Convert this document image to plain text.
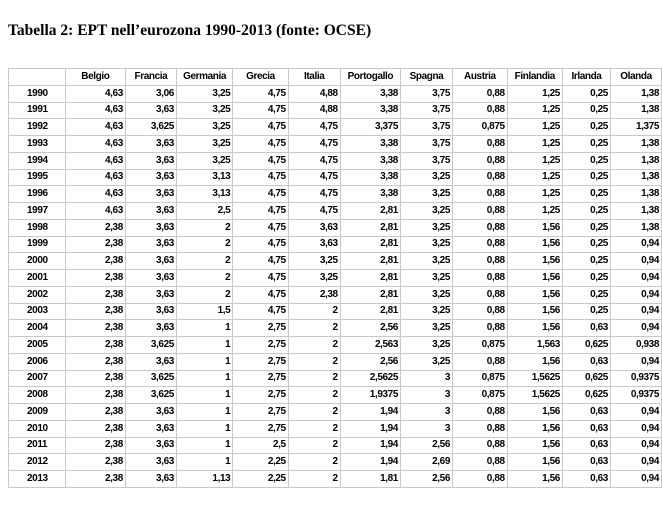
Tabella 2: EPT nell’eurozona 1990-2013 (fonte: OCSE)
	Belgio	Francia	Germania	Grecia	Italia	Portogallo	Spagna	Austria	Finlandia	Irlanda	Olanda
1990	4,63	3,06	3,25	4,75	4,88	3,38	3,75	0,88	1,25	0,25	1,38
1991	4,63	3,63	3,25	4,75	4,88	3,38	3,75	0,88	1,25	0,25	1,38
1992	4,63	3,625	3,25	4,75	4,75	3,375	3,75	0,875	1,25	0,25	1,375
1993	4,63	3,63	3,25	4,75	4,75	3,38	3,75	0,88	1,25	0,25	1,38
1994	4,63	3,63	3,25	4,75	4,75	3,38	3,75	0,88	1,25	0,25	1,38
1995	4,63	3,63	3,13	4,75	4,75	3,38	3,25	0,88	1,25	0,25	1,38
1996	4,63	3,63	3,13	4,75	4,75	3,38	3,25	0,88	1,25	0,25	1,38
1997	4,63	3,63	2,5	4,75	4,75	2,81	3,25	0,88	1,25	0,25	1,38
1998	2,38	3,63	2	4,75	3,63	2,81	3,25	0,88	1,56	0,25	1,38
1999	2,38	3,63	2	4,75	3,63	2,81	3,25	0,88	1,56	0,25	0,94
2000	2,38	3,63	2	4,75	3,25	2,81	3,25	0,88	1,56	0,25	0,94
2001	2,38	3,63	2	4,75	3,25	2,81	3,25	0,88	1,56	0,25	0,94
2002	2,38	3,63	2	4,75	2,38	2,81	3,25	0,88	1,56	0,25	0,94
2003	2,38	3,63	1,5	4,75	2	2,81	3,25	0,88	1,56	0,25	0,94
2004	2,38	3,63	1	2,75	2	2,56	3,25	0,88	1,56	0,63	0,94
2005	2,38	3,625	1	2,75	2	2,563	3,25	0,875	1,563	0,625	0,938
2006	2,38	3,63	1	2,75	2	2,56	3,25	0,88	1,56	0,63	0,94
2007	2,38	3,625	1	2,75	2	2,5625	3	0,875	1,5625	0,625	0,9375
2008	2,38	3,625	1	2,75	2	1,9375	3	0,875	1,5625	0,625	0,9375
2009	2,38	3,63	1	2,75	2	1,94	3	0,88	1,56	0,63	0,94
2010	2,38	3,63	1	2,75	2	1,94	3	0,88	1,56	0,63	0,94
2011	2,38	3,63	1	2,5	2	1,94	2,56	0,88	1,56	0,63	0,94
2012	2,38	3,63	1	2,25	2	1,94	2,69	0,88	1,56	0,63	0,94
2013	2,38	3,63	1,13	2,25	2	1,81	2,56	0,88	1,56	0,63	0,94
